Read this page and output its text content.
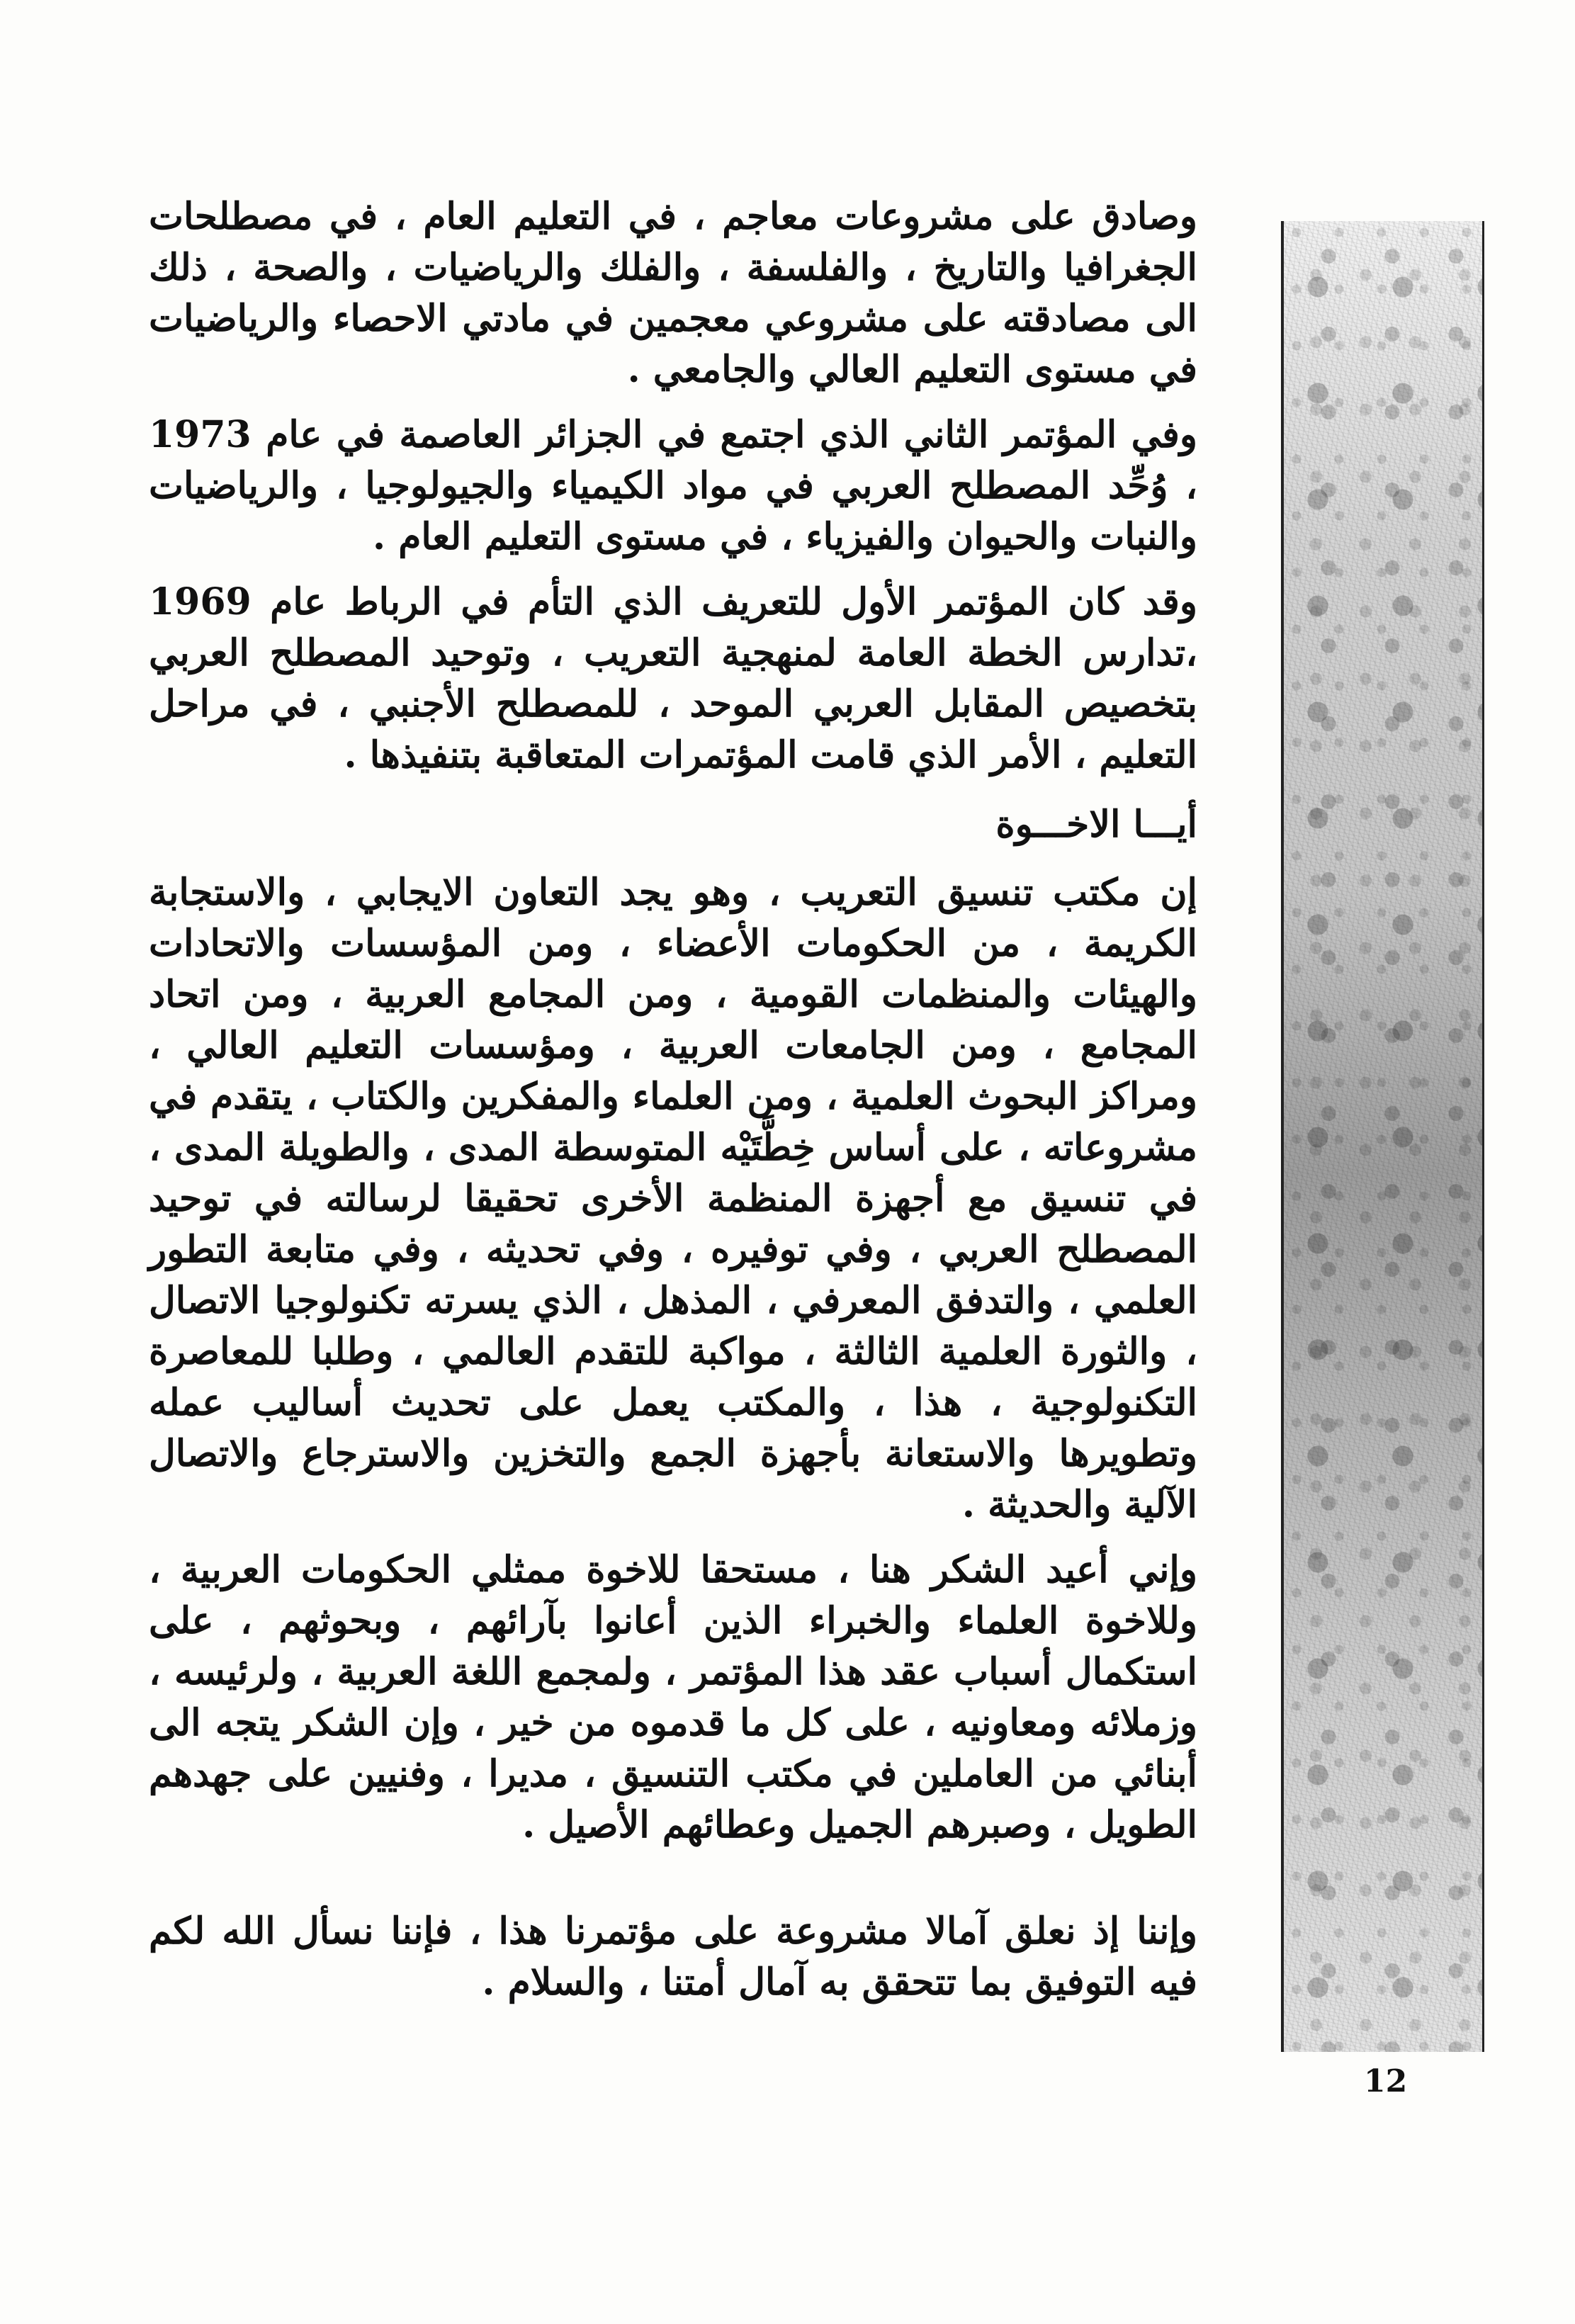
وصادق على مشروعات معاجم ، في التعليم العام ، في مصطلحات الجغرافيا والتاريخ ، والفلسفة ، والفلك والرياضيات ، والصحة ، ذلك الى مصادقته على مشروعي معجمين في مادتي الاحصاء والرياضيات في مستوى التعليم العالي والجامعي .

وفي المؤتمر الثاني الذي اجتمع في الجزائر العاصمة في عام 1973 ، وُحِّد المصطلح العربي في مواد الكيمياء والجيولوجيا ، والرياضيات والنبات والحيوان والفيزياء ، في مستوى التعليم العام .

وقد كان المؤتمر الأول للتعريف الذي التأم في الرباط عام 1969 ،تدارس الخطة العامة لمنهجية التعريب ، وتوحيد المصطلح العربي بتخصيص المقابل العربي الموحد ، للمصطلح الأجنبي ، في مراحل التعليم ، الأمر الذي قامت المؤتمرات المتعاقبة بتنفيذها .

أيـــا الاخـــوة

إن مكتب تنسيق التعريب ، وهو يجد التعاون الايجابي ، والاستجابة الكريمة ، من الحكومات الأعضاء ، ومن المؤسسات والاتحادات والهيئات والمنظمات القومية ، ومن المجامع العربية ، ومن اتحاد المجامع ، ومن الجامعات العربية ، ومؤسسات التعليم العالي ، ومراكز البحوث العلمية ، ومن العلماء والمفكرين والكتاب ، يتقدم في مشروعاته ، على أساس خِطَّتَيْه المتوسطة المدى ، والطويلة المدى ، في تنسيق مع أجهزة المنظمة الأخرى تحقيقا لرسالته في توحيد المصطلح العربي ، وفي توفيره ، وفي تحديثه ، وفي متابعة التطور العلمي ، والتدفق المعرفي ، المذهل ، الذي يسرته تكنولوجيا الاتصال ، والثورة العلمية الثالثة ، مواكبة للتقدم العالمي ، وطلبا للمعاصرة التكنولوجية ، هذا ، والمكتب يعمل على تحديث أساليب عمله وتطويرها والاستعانة بأجهزة الجمع والتخزين والاسترجاع والاتصال الآلية والحديثة .

وإني أعيد الشكر هنا ، مستحقا للاخوة ممثلي الحكومات العربية ، وللاخوة العلماء والخبراء الذين أعانوا بآرائهم ، وبحوثهم ، على استكمال أسباب عقد هذا المؤتمر ، ولمجمع اللغة العربية ، ولرئيسه ، وزملائه ومعاونيه ، على كل ما قدموه من خير ، وإن الشكر يتجه الى أبنائي من العاملين في مكتب التنسيق ، مديرا ، وفنيين على جهدهم الطويل ، وصبرهم الجميل وعطائهم الأصيل .

وإننا إذ نعلق آمالا مشروعة على مؤتمرنا هذا ، فإننا نسأل الله لكم فيه التوفيق بما تتحقق به آمال أمتنا ، والسلام .

12
